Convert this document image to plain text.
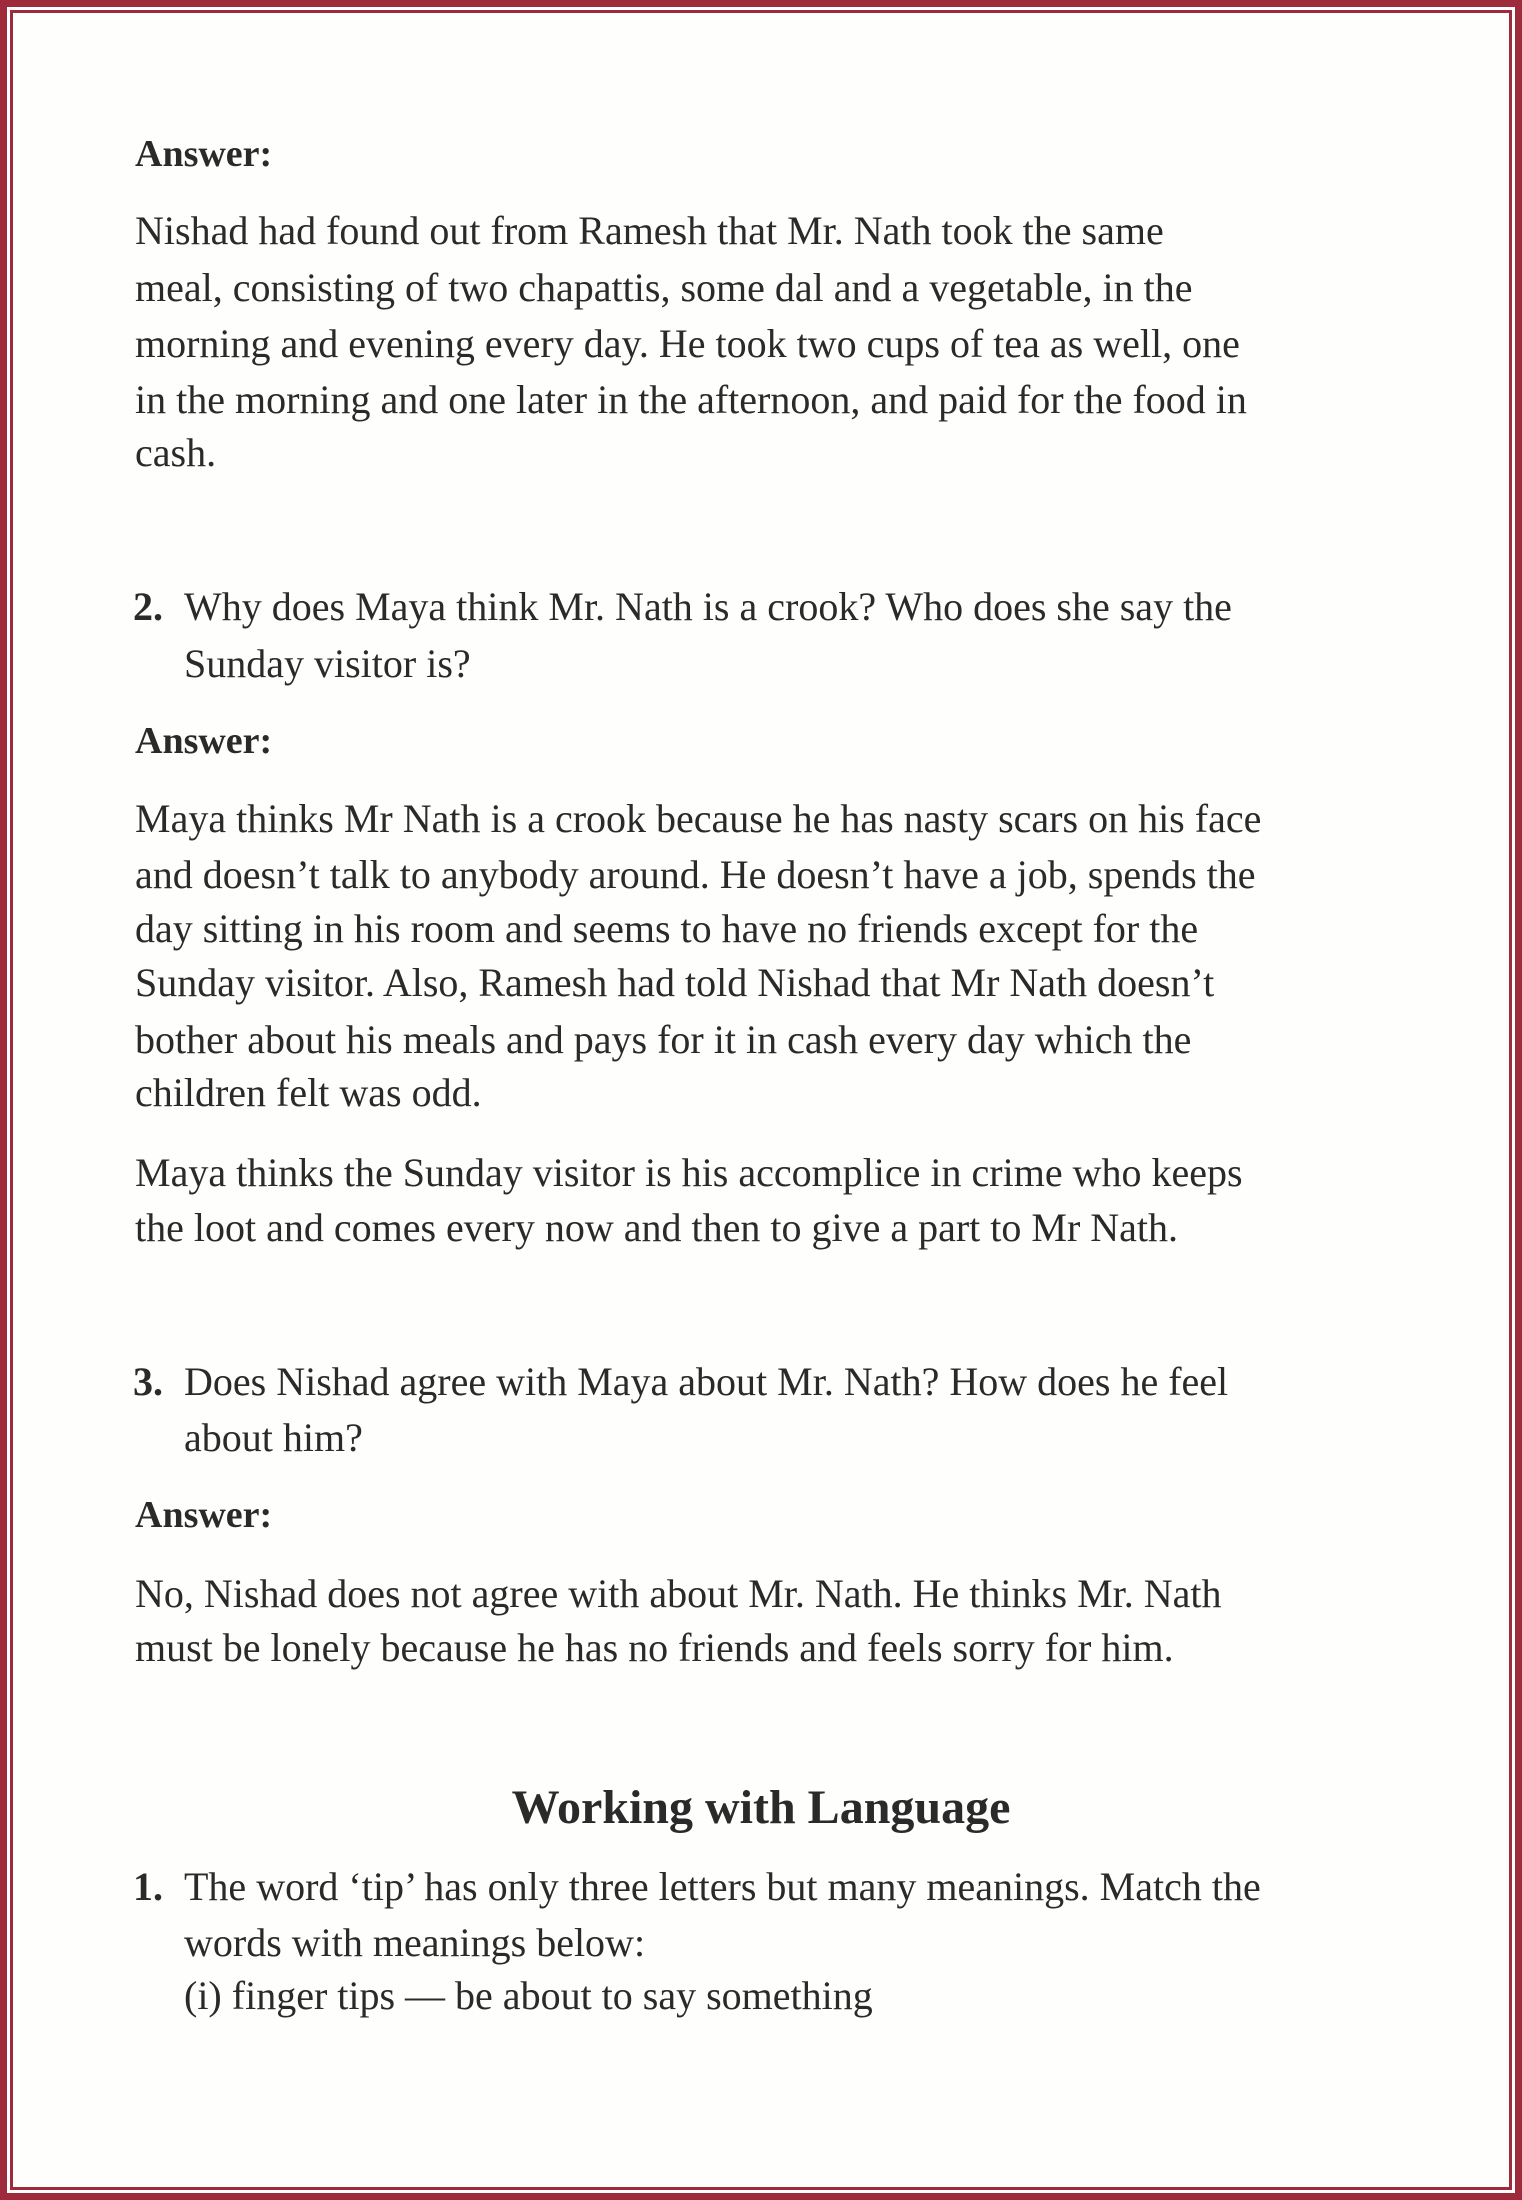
Answer:
Nishad had found out from Ramesh that Mr. Nath took the same
meal, consisting of two chapattis, some dal and a vegetable, in the
morning and evening every day. He took two cups of tea as well, one
in the morning and one later in the afternoon, and paid for the food in
cash.
2. Why does Maya think Mr. Nath is a crook? Who does she say the
Sunday visitor is?
Answer:
Maya thinks Mr Nath is a crook because he has nasty scars on his face
and doesn’t talk to anybody around. He doesn’t have a job, spends the
day sitting in his room and seems to have no friends except for the
Sunday visitor. Also, Ramesh had told Nishad that Mr Nath doesn’t
bother about his meals and pays for it in cash every day which the
children felt was odd.
Maya thinks the Sunday visitor is his accomplice in crime who keeps
the loot and comes every now and then to give a part to Mr Nath.
3. Does Nishad agree with Maya about Mr. Nath? How does he feel
about him?
Answer:
No, Nishad does not agree with about Mr. Nath. He thinks Mr. Nath
must be lonely because he has no friends and feels sorry for him.
Working with Language
1. The word ‘tip’ has only three letters but many meanings. Match the
words with meanings below:
(i) finger tips — be about to say something
